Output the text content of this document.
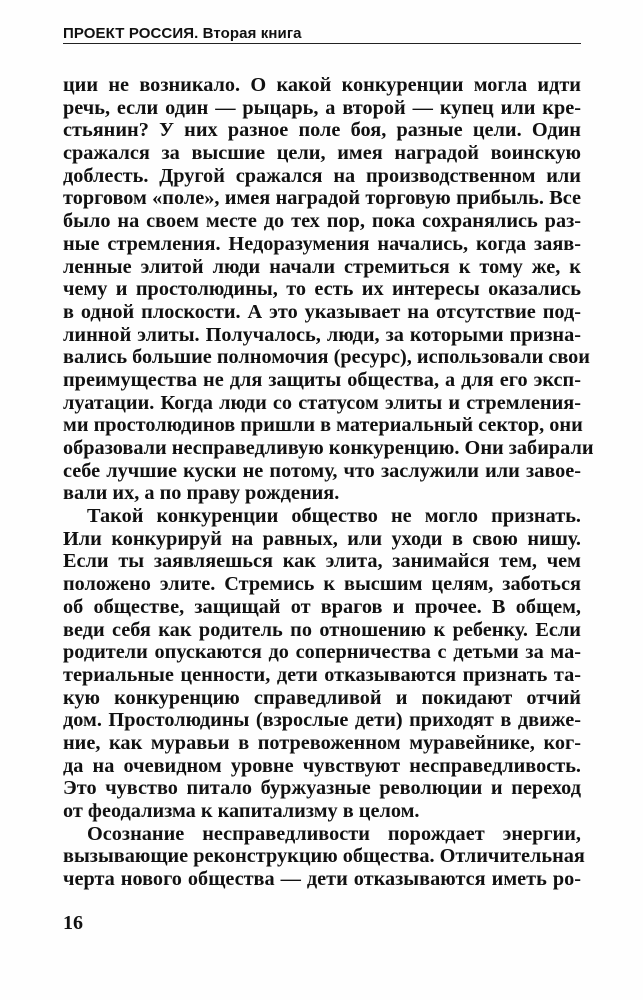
ПРОЕКТ РОССИЯ. Вторая книга
ции не возникало. О какой конкуренции могла идти
речь, если один — рыцарь, а второй — купец или кре-
стьянин? У них разное поле боя, разные цели. Один
сражался за высшие цели, имея наградой воинскую
доблесть. Другой сражался на производственном или
торговом «поле», имея наградой торговую прибыль. Все
было на своем месте до тех пор, пока сохранялись раз-
ные стремления. Недоразумения начались, когда заяв-
ленные элитой люди начали стремиться к тому же, к
чему и простолюдины, то есть их интересы оказались
в одной плоскости. А это указывает на отсутствие под-
линной элиты. Получалось, люди, за которыми призна-
вались большие полномочия (ресурс), использовали свои
преимущества не для защиты общества, а для его эксп-
луатации. Когда люди со статусом элиты и стремления-
ми простолюдинов пришли в материальный сектор, они
образовали несправедливую конкуренцию. Они забирали
себе лучшие куски не потому, что заслужили или завое-
вали их, а по праву рождения.
Такой конкуренции общество не могло признать.
Или конкурируй на равных, или уходи в свою нишу.
Если ты заявляешься как элита, занимайся тем, чем
положено элите. Стремись к высшим целям, заботься
об обществе, защищай от врагов и прочее. В общем,
веди себя как родитель по отношению к ребенку. Если
родители опускаются до соперничества с детьми за ма-
териальные ценности, дети отказываются признать та-
кую конкуренцию справедливой и покидают отчий
дом. Простолюдины (взрослые дети) приходят в движе-
ние, как муравьи в потревоженном муравейнике, ког-
да на очевидном уровне чувствуют несправедливость.
Это чувство питало буржуазные революции и переход
от феодализма к капитализму в целом.
Осознание несправедливости порождает энергии,
вызывающие реконструкцию общества. Отличительная
черта нового общества — дети отказываются иметь ро-
16
